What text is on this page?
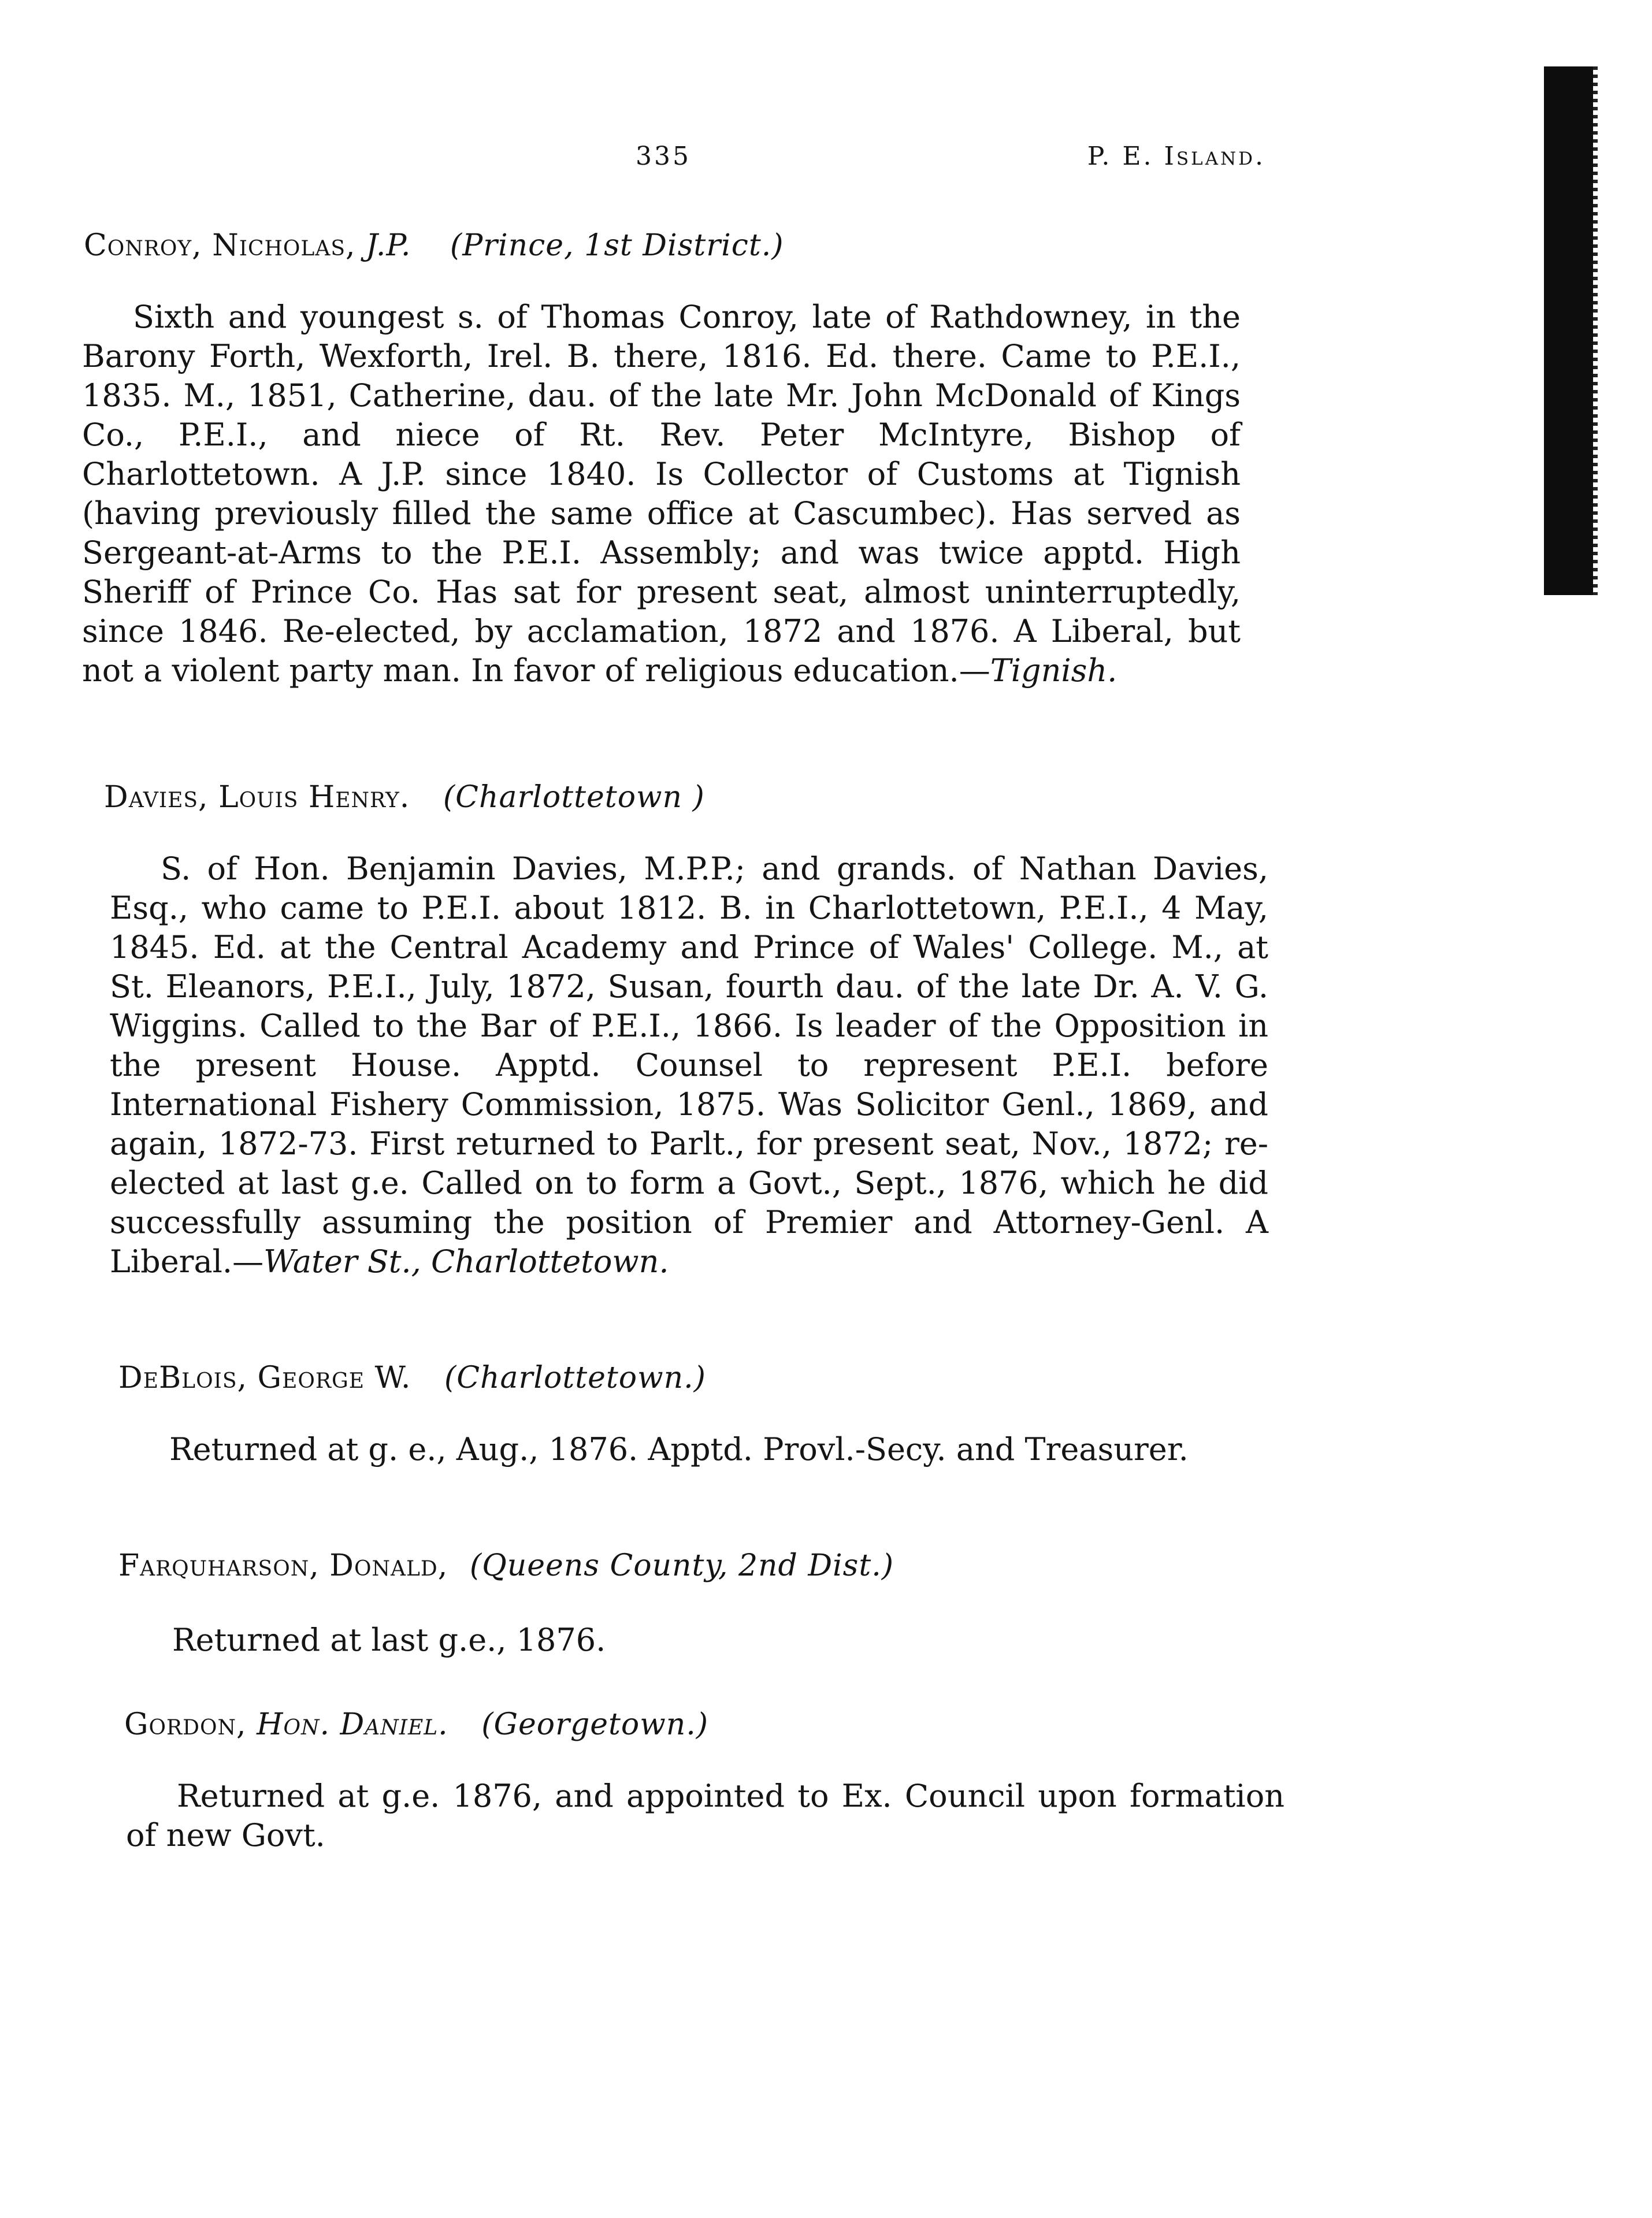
335	P. E. Island.
Conroy, Nicholas, J.P. (Prince, 1st District.)
Sixth and youngest s. of Thomas Conroy, late of Rathdowney, in the Barony Forth, Wexforth, Irel. B. there, 1816. Ed. there. Came to P.E.I., 1835. M., 1851, Catherine, dau. of the late Mr. John McDonald of Kings Co., P.E.I., and niece of Rt. Rev. Peter McIntyre, Bishop of Charlottetown. A J.P. since 1840. Is Collector of Customs at Tignish (having previously filled the same office at Cascumbec). Has served as Sergeant-at-Arms to the P.E.I. Assembly; and was twice apptd. High Sheriff of Prince Co. Has sat for present seat, almost uninterruptedly, since 1846. Re-elected, by acclamation, 1872 and 1876. A Liberal, but not a violent party man. In favor of religious education.—Tignish.
Davies, Louis Henry. (Charlottetown )
S. of Hon. Benjamin Davies, M.P.P.; and grands. of Nathan Davies, Esq., who came to P.E.I. about 1812. B. in Charlottetown, P.E.I., 4 May, 1845. Ed. at the Central Academy and Prince of Wales' College. M., at St. Eleanors, P.E.I., July, 1872, Susan, fourth dau. of the late Dr. A. V. G. Wiggins. Called to the Bar of P.E.I., 1866. Is leader of the Opposition in the present House. Apptd. Counsel to represent P.E.I. before International Fishery Commission, 1875. Was Solicitor Genl., 1869, and again, 1872-73. First returned to Parlt., for present seat, Nov., 1872; re-elected at last g.e. Called on to form a Govt., Sept., 1876, which he did successfully assuming the position of Premier and Attorney-Genl. A Liberal.—Water St., Charlottetown.
DeBlois, George W. (Charlottetown.)
Returned at g. e., Aug., 1876. Apptd. Provl.-Secy. and Treasurer.
Farquharson, Donald, (Queens County, 2nd Dist.)
Returned at last g.e., 1876.
Gordon, Hon. Daniel. (Georgetown.)
Returned at g.e. 1876, and appointed to Ex. Council upon formation of new Govt.
